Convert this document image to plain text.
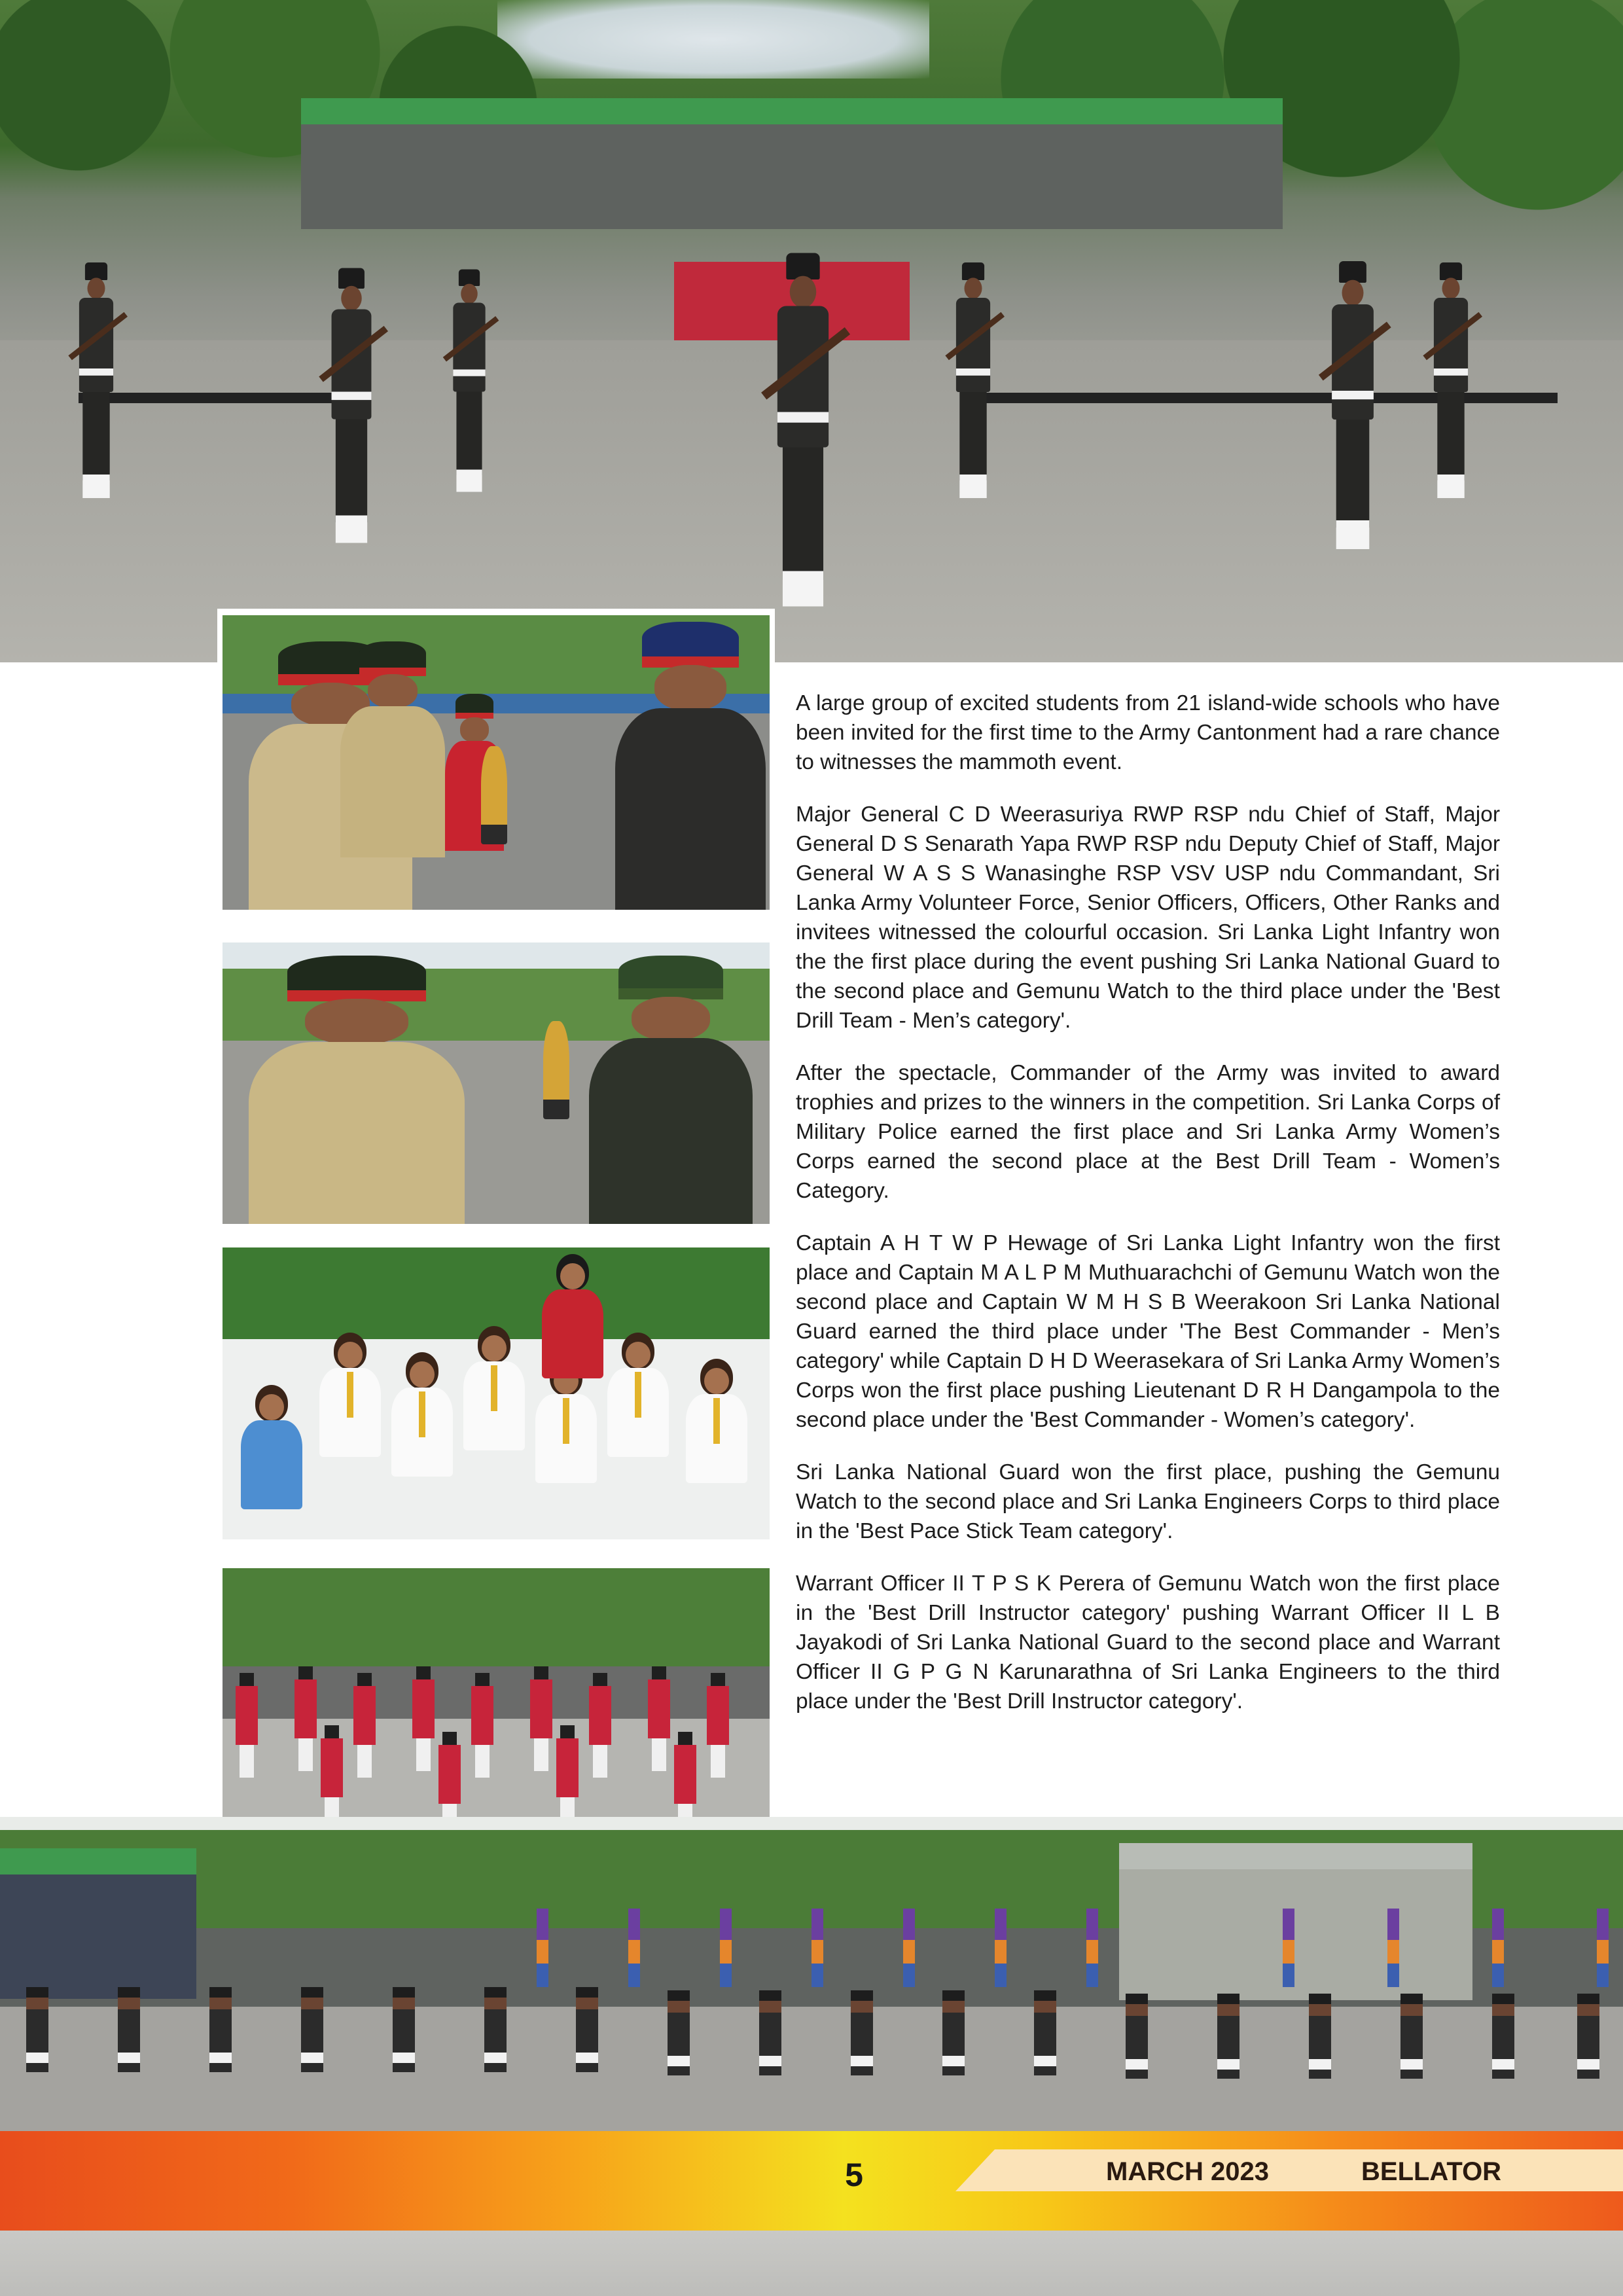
A large group of excited students from 21 island-wide schools who have been invited for the first time to the Army Cantonment had a rare chance to witnesses the mammoth event.

Major General C D Weerasuriya RWP RSP ndu Chief of Staff, Major General D S Senarath Yapa RWP RSP ndu Deputy Chief of Staff, Major General W A S S Wanasinghe RSP VSV USP ndu Commandant, Sri Lanka Army Volunteer Force, Senior Officers, Officers, Other Ranks and invitees witnessed the colourful occasion. Sri Lanka Light Infantry won the the first place during the event pushing Sri Lanka National Guard to the second place and Gemunu Watch to the third place under the 'Best Drill Team - Men’s category'.

After the spectacle, Commander of the Army was invited to award trophies and prizes to the winners in the competition. Sri Lanka Corps of Military Police earned the first place and Sri Lanka Army Women’s Corps earned the second place at the Best Drill Team - Women’s Category.

Captain A H T W P Hewage of Sri Lanka Light Infantry won the first place and Captain M A L P M Muthuarachchi of Gemunu Watch won the second place and Captain W M H S B Weerakoon Sri Lanka National Guard earned the third place under 'The Best Commander - Men’s category' while Captain D H D Weerasekara of Sri Lanka Army Women’s Corps won the first place pushing Lieutenant D R H Dangampola to the second place under the 'Best Commander - Women’s category'.

Sri Lanka National Guard won the first place, pushing the Gemunu Watch to the second place and Sri Lanka Engineers Corps to third place in the 'Best Pace Stick Team category'.

Warrant Officer II T P S K Perera of Gemunu Watch won the first place in the 'Best Drill Instructor category' pushing Warrant Officer II L B Jayakodi of Sri Lanka National Guard to the second place and Warrant Officer II G P G N Karunarathna of Sri Lanka Engineers to the third place under the 'Best Drill Instructor category'.

5	MARCH 2023	BELLATOR
